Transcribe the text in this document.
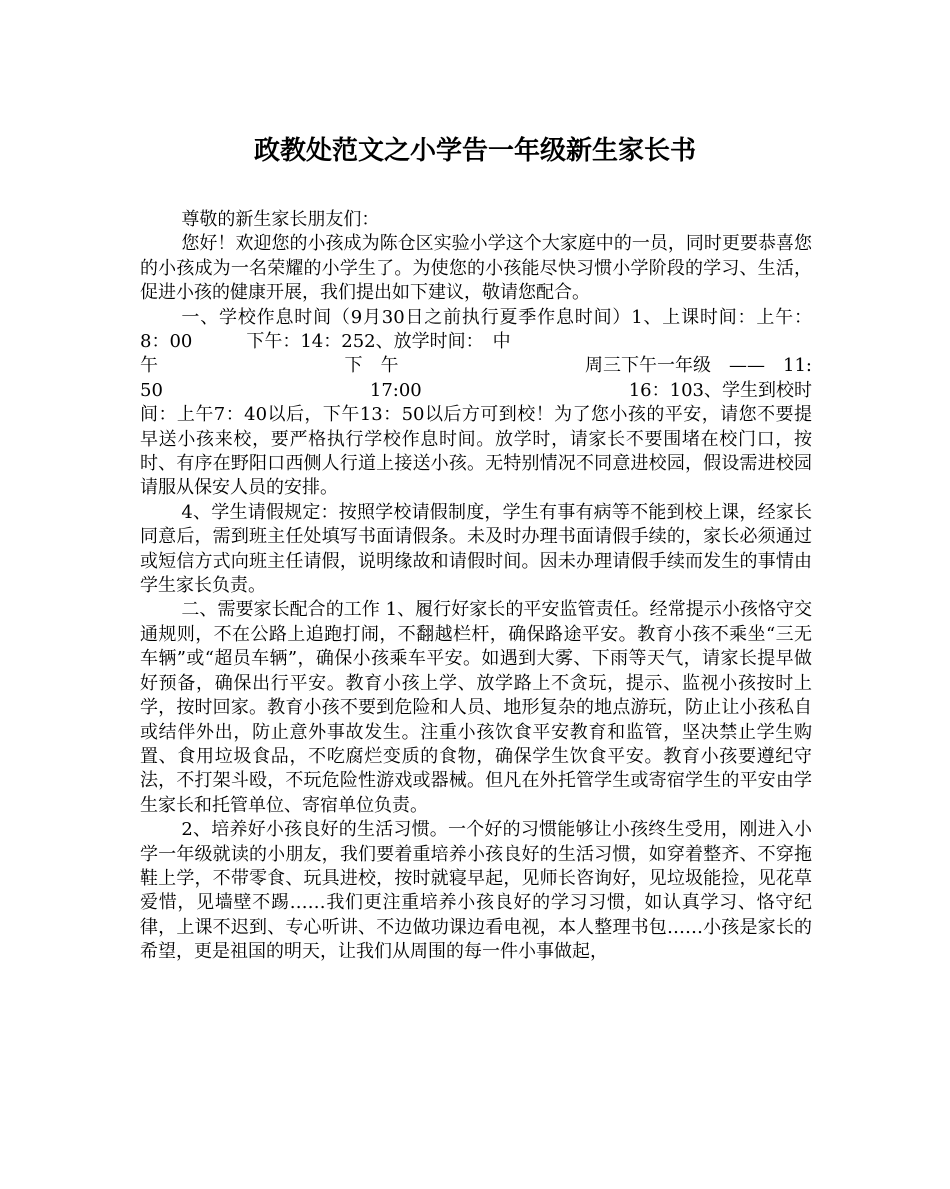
政教处范文之小学告一年级新生家长书

尊敬的新生家长朋友们：

您好！欢迎您的小孩成为陈仓区实验小学这个大家庭中的一员，同时更要恭喜您的小孩成为一名荣耀的小学生了。为使您的小孩能尽快习惯小学阶段的学习、生活，促进小孩的健康开展，我们提出如下建议，敬请您配合。

一、学校作息时间（9月30日之前执行夏季作息时间）1、上课时间：上午：8：00　　　下午：14：252、放学时间：　中

午	下　午	周三下午一年级　——　11:
50	17:00	16：103、学生到校时

间：上午7：40以后，下午13：50以后方可到校！为了您小孩的平安，请您不要提早送小孩来校，要严格执行学校作息时间。放学时，请家长不要围堵在校门口，按时、有序在野阳口西侧人行道上接送小孩。无特别情况不同意进校园，假设需进校园请服从保安人员的安排。

4、学生请假规定：按照学校请假制度，学生有事有病等不能到校上课，经家长同意后，需到班主任处填写书面请假条。未及时办理书面请假手续的，家长必须通过或短信方式向班主任请假，说明缘故和请假时间。因未办理请假手续而发生的事情由学生家长负责。

二、需要家长配合的工作 1、履行好家长的平安监管责任。经常提示小孩恪守交通规则，不在公路上追跑打闹，不翻越栏杆，确保路途平安。教育小孩不乘坐“三无车辆”或“超员车辆”，确保小孩乘车平安。如遇到大雾、下雨等天气，请家长提早做好预备，确保出行平安。教育小孩上学、放学路上不贪玩，提示、监视小孩按时上学，按时回家。教育小孩不要到危险和人员、地形复杂的地点游玩，防止让小孩私自或结伴外出，防止意外事故发生。注重小孩饮食平安教育和监管，坚决禁止学生购置、食用垃圾食品，不吃腐烂变质的食物，确保学生饮食平安。教育小孩要遵纪守法，不打架斗殴，不玩危险性游戏或器械。但凡在外托管学生或寄宿学生的平安由学生家长和托管单位、寄宿单位负责。

2、培养好小孩良好的生活习惯。一个好的习惯能够让小孩终生受用，刚进入小学一年级就读的小朋友，我们要着重培养小孩良好的生活习惯，如穿着整齐、不穿拖鞋上学，不带零食、玩具进校，按时就寝早起，见师长咨询好，见垃圾能捡，见花草爱惜，见墙壁不踢……我们更注重培养小孩良好的学习习惯，如认真学习、恪守纪律，上课不迟到、专心听讲、不边做功课边看电视，本人整理书包……小孩是家长的希望，更是祖国的明天，让我们从周围的每一件小事做起，
